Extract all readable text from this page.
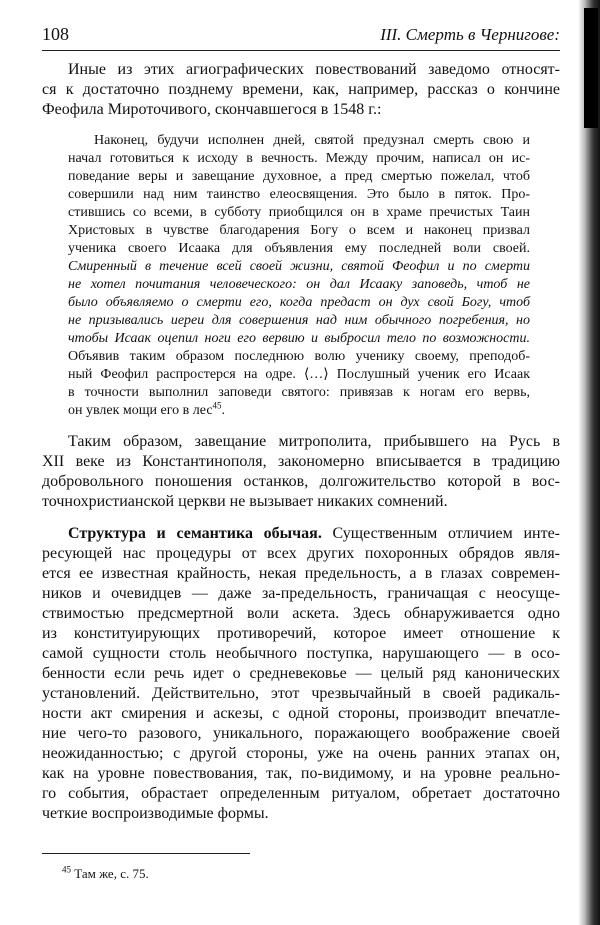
108	III. Смерть в Чернигове:
Иные из этих агиографических повествований заведомо относят-
ся к достаточно позднему времени, как, например, рассказ о кончине
Феофила Мироточивого, скончавшегося в 1548 г.:
Наконец, будучи исполнен дней, святой предузнал смерть свою и
начал готовиться к исходу в вечность. Между прочим, написал он ис-
поведание веры и завещание духовное, а пред смертью пожелал, чтоб
совершили над ним таинство елеосвящения. Это было в пяток. Про-
стившись со всеми, в субботу приобщился он в храме пречистых Таин
Христовых в чувстве благодарения Богу о всем и наконец призвал
ученика своего Исаака для объявления ему последней воли своей.
Смиренный в течение всей своей жизни, святой Феофил и по смерти
не хотел почитания человеческого: он дал Исааку заповедь, чтоб не
было объявляемо о смерти его, когда предаст он дух свой Богу, чтоб
не призывались иереи для совершения над ним обычного погребения, но
чтобы Исаак оцепил ноги его вервию и выбросил тело по возможности.
Объявив таким образом последнюю волю ученику своему, преподоб-
ный Феофил распростерся на одре. ⟨…⟩ Послушный ученик его Исаак
в точности выполнил заповеди святого: привязав к ногам его вервь,
он увлек мощи его в лес$^{45}$.
Таким образом, завещание митрополита, прибывшего на Русь в
XII веке из Константинополя, закономерно вписывается в традицию
добровольного поношения останков, долгожительство которой в вос-
точнохристианской церкви не вызывает никаких сомнений.
Структура и семантика обычая. Существенным отличием инте-
ресующей нас процедуры от всех других похоронных обрядов явля-
ется ее известная крайность, некая предельность, а в глазах современ-
ников и очевидцев — даже за-предельность, граничащая с неосуще-
ствимостью предсмертной воли аскета. Здесь обнаруживается одно
из конституирующих противоречий, которое имеет отношение к
самой сущности столь необычного поступка, нарушающего — в осо-
бенности если речь идет о средневековье — целый ряд канонических
установлений. Действительно, этот чрезвычайный в своей радикаль-
ности акт смирения и аскезы, с одной стороны, производит впечатле-
ние чего-то разового, уникального, поражающего воображение своей
неожиданностью; с другой стороны, уже на очень ранних этапах он,
как на уровне повествования, так, по-видимому, и на уровне реально-
го события, обрастает определенным ритуалом, обретает достаточно
четкие воспроизводимые формы.
$^{45}$ Там же, с. 75.
